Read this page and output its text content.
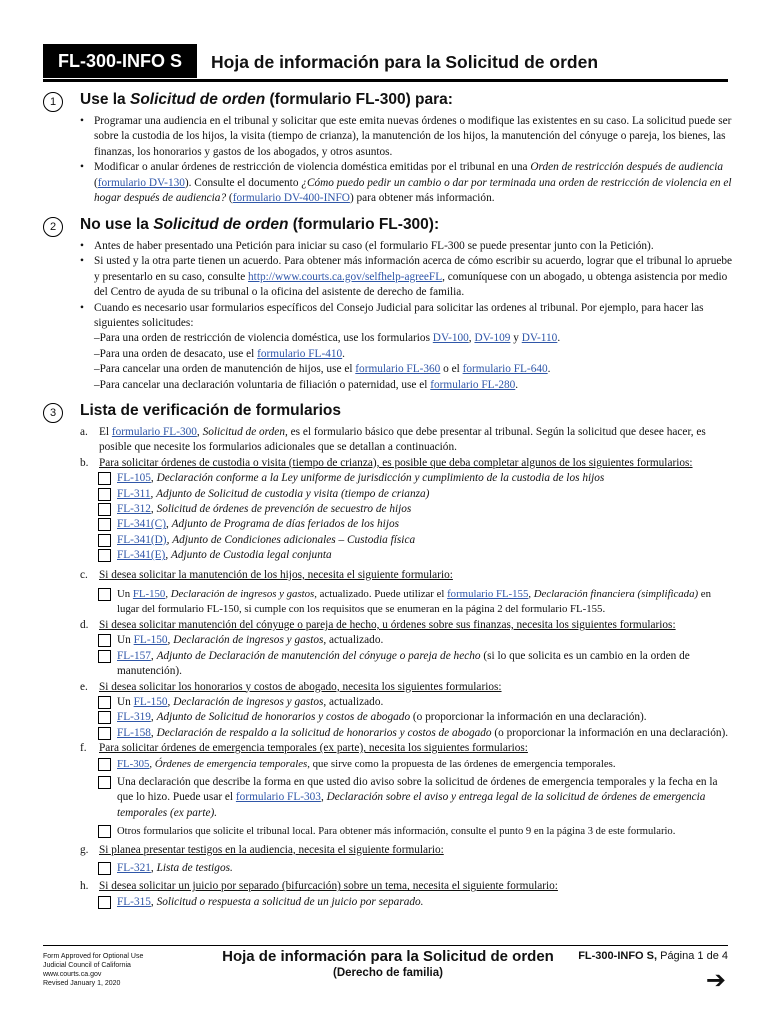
FL-300-INFO S	Hoja de información para la Solicitud de orden
1	Use la Solicitud de orden (formulario FL-300) para:
• Programar una audiencia en el tribunal y solicitar que este emita nuevas órdenes o modifique las existentes en su caso. La solicitud puede ser sobre la custodia de los hijos, la visita (tiempo de crianza), la manutención de los hijos, la manutención del cónyuge o pareja, los bienes, las finanzas, los honorarios y gastos de los abogados, y otros asuntos.
• Modificar o anular órdenes de restricción de violencia doméstica emitidas por el tribunal en una Orden de restricción después de audiencia (formulario DV-130). Consulte el documento ¿Cómo puedo pedir un cambio o dar por terminada una orden de restricción de violencia en el hogar después de audiencia? (formulario DV-400-INFO) para obtener más información.
2	No use la Solicitud de orden (formulario FL-300):
• Antes de haber presentado una Petición para iniciar su caso (el formulario FL-300 se puede presentar junto con la Petición).
• Si usted y la otra parte tienen un acuerdo. Para obtener más información acerca de cómo escribir su acuerdo, lograr que el tribunal lo apruebe y presentarlo en su caso, consulte http://www.courts.ca.gov/selfhelp-agreeFL, comuníquese con un abogado, u obtenga asistencia por medio del Centro de ayuda de su tribunal o la oficina del asistente de derecho de familia.
• Cuando es necesario usar formularios específicos del Consejo Judicial para solicitar las ordenes al tribunal. Por ejemplo, para hacer las siguientes solicitudes:
–Para una orden de restricción de violencia doméstica, use los formularios DV-100, DV-109 y DV-110.
–Para una orden de desacato, use el formulario FL-410.
–Para cancelar una orden de manutención de hijos, use el formulario FL-360 o el formulario FL-640.
–Para cancelar una declaración voluntaria de filiación o paternidad, use el formulario FL-280.
3	Lista de verificación de formularios
a. El formulario FL-300, Solicitud de orden, es el formulario básico que debe presentar al tribunal. Según la solicitud que desee hacer, es posible que necesite los formularios adicionales que se detallan a continuación.
b. Para solicitar órdenes de custodia o visita (tiempo de crianza), es posible que deba completar algunos de los siguientes formularios:
FL-105, Declaración conforme a la Ley uniforme de jurisdicción y cumplimiento de la custodia de los hijos
FL-311, Adjunto de Solicitud de custodia y visita (tiempo de crianza)
FL-312, Solicitud de órdenes de prevención de secuestro de hijos
FL-341(C), Adjunto de Programa de días feriados de los hijos
FL-341(D), Adjunto de Condiciones adicionales – Custodia física
FL-341(E), Adjunto de Custodia legal conjunta
c. Si desea solicitar la manutención de los hijos, necesita el siguiente formulario:
Un FL-150, Declaración de ingresos y gastos, actualizado. Puede utilizar el formulario FL-155, Declaración financiera (simplificada) en lugar del formulario FL-150, si cumple con los requisitos que se enumeran en la página 2 del formulario FL-155.
d. Si desea solicitar manutención del cónyuge o pareja de hecho, u órdenes sobre sus finanzas, necesita los siguientes formularios:
Un FL-150, Declaración de ingresos y gastos, actualizado.
FL-157, Adjunto de Declaración de manutención del cónyuge o pareja de hecho (si lo que solicita es un cambio en la orden de manutención).
e. Si desea solicitar los honorarios y costos de abogado, necesita los siguientes formularios:
Un FL-150, Declaración de ingresos y gastos, actualizado.
FL-319, Adjunto de Solicitud de honorarios y costos de abogado (o proporcionar la información en una declaración).
FL-158, Declaración de respaldo a la solicitud de honorarios y costos de abogado (o proporcionar la información en una declaración).
f. Para solicitar órdenes de emergencia temporales (ex parte), necesita los siguientes formularios:
FL-305, Órdenes de emergencia temporales, que sirve como la propuesta de las órdenes de emergencia temporales.
Una declaración que describe la forma en que usted dio aviso sobre la solicitud de órdenes de emergencia temporales y la fecha en la que lo hizo. Puede usar el formulario FL-303, Declaración sobre el aviso y entrega legal de la solicitud de órdenes de emergencia temporales (ex parte).
Otros formularios que solicite el tribunal local. Para obtener más información, consulte el punto 9 en la página 3 de este formulario.
g. Si planea presentar testigos en la audiencia, necesita el siguiente formulario:
FL-321, Lista de testigos.
h. Si desea solicitar un juicio por separado (bifurcación) sobre un tema, necesita el siguiente formulario:
FL-315, Solicitud o respuesta a solicitud de un juicio por separado.
Form Approved for Optional Use
Judicial Council of California
www.courts.ca.gov
Revised January 1, 2020
Hoja de información para la Solicitud de orden
(Derecho de familia)
FL-300-INFO S, Página 1 de 4
➔
